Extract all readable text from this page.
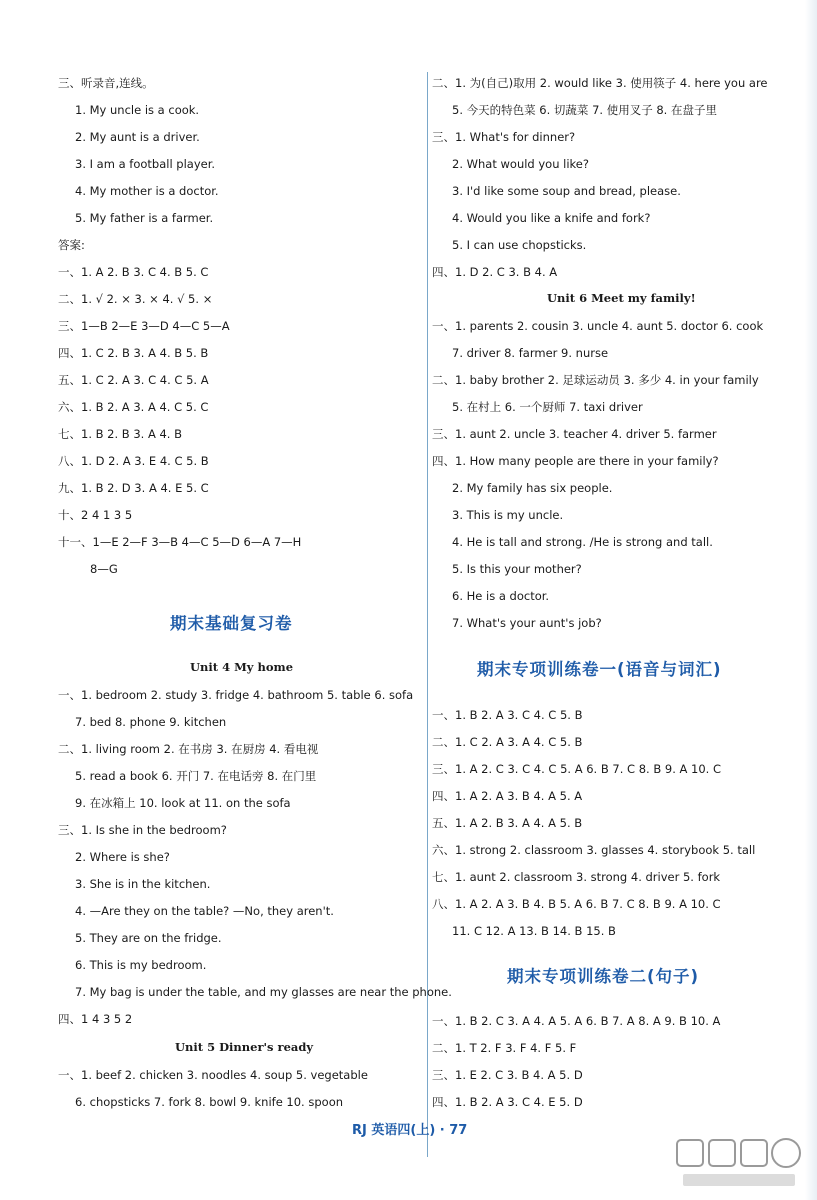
三、听录音,连线。
1. My uncle is a cook.
2. My aunt is a driver.
3. I am a football player.
4. My mother is a doctor.
5. My father is a farmer.
答案:
一、1. A 2. B 3. C 4. B 5. C
二、1. √ 2. × 3. × 4. √ 5. ×
三、1—B 2—E 3—D 4—C 5—A
四、1. C 2. B 3. A 4. B 5. B
五、1. C 2. A 3. C 4. C 5. A
六、1. B 2. A 3. A 4. C 5. C
七、1. B 2. B 3. A 4. B
八、1. D 2. A 3. E 4. C 5. B
九、1. B 2. D 3. A 4. E 5. C
十、2 4 1 3 5
十一、1—E 2—F 3—B 4—C 5—D 6—A 7—H
8—G
期末基础复习卷
Unit 4 My home
一、1. bedroom 2. study 3. fridge 4. bathroom 5. table 6. sofa
7. bed 8. phone 9. kitchen
二、1. living room 2. 在书房 3. 在厨房 4. 看电视
5. read a book 6. 开门 7. 在电话旁 8. 在门里
9. 在冰箱上 10. look at 11. on the sofa
三、1. Is she in the bedroom?
2. Where is she?
3. She is in the kitchen.
4. —Are they on the table? —No, they aren't.
5. They are on the fridge.
6. This is my bedroom.
7. My bag is under the table, and my glasses are near the phone.
四、1 4 3 5 2
Unit 5 Dinner's ready
一、1. beef 2. chicken 3. noodles 4. soup 5. vegetable
6. chopsticks 7. fork 8. bowl 9. knife 10. spoon
二、1. 为(自己)取用 2. would like 3. 使用筷子 4. here you are
5. 今天的特色菜 6. 切蔬菜 7. 使用叉子 8. 在盘子里
三、1. What's for dinner?
2. What would you like?
3. I'd like some soup and bread, please.
4. Would you like a knife and fork?
5. I can use chopsticks.
四、1. D 2. C 3. B 4. A
Unit 6 Meet my family!
一、1. parents 2. cousin 3. uncle 4. aunt 5. doctor 6. cook
7. driver 8. farmer 9. nurse
二、1. baby brother 2. 足球运动员 3. 多少 4. in your family
5. 在村上 6. 一个厨师 7. taxi driver
三、1. aunt 2. uncle 3. teacher 4. driver 5. farmer
四、1. How many people are there in your family?
2. My family has six people.
3. This is my uncle.
4. He is tall and strong. /He is strong and tall.
5. Is this your mother?
6. He is a doctor.
7. What's your aunt's job?
期末专项训练卷一(语音与词汇)
一、1. B 2. A 3. C 4. C 5. B
二、1. C 2. A 3. A 4. C 5. B
三、1. A 2. C 3. C 4. C 5. A 6. B 7. C 8. B 9. A 10. C
四、1. A 2. A 3. B 4. A 5. A
五、1. A 2. B 3. A 4. A 5. B
六、1. strong 2. classroom 3. glasses 4. storybook 5. tall
七、1. aunt 2. classroom 3. strong 4. driver 5. fork
八、1. A 2. A 3. B 4. B 5. A 6. B 7. C 8. B 9. A 10. C
11. C 12. A 13. B 14. B 15. B
期末专项训练卷二(句子)
一、1. B 2. C 3. A 4. A 5. A 6. B 7. A 8. A 9. B 10. A
二、1. T 2. F 3. F 4. F 5. F
三、1. E 2. C 3. B 4. A 5. D
四、1. B 2. A 3. C 4. E 5. D
RJ 英语四(上) · 77
